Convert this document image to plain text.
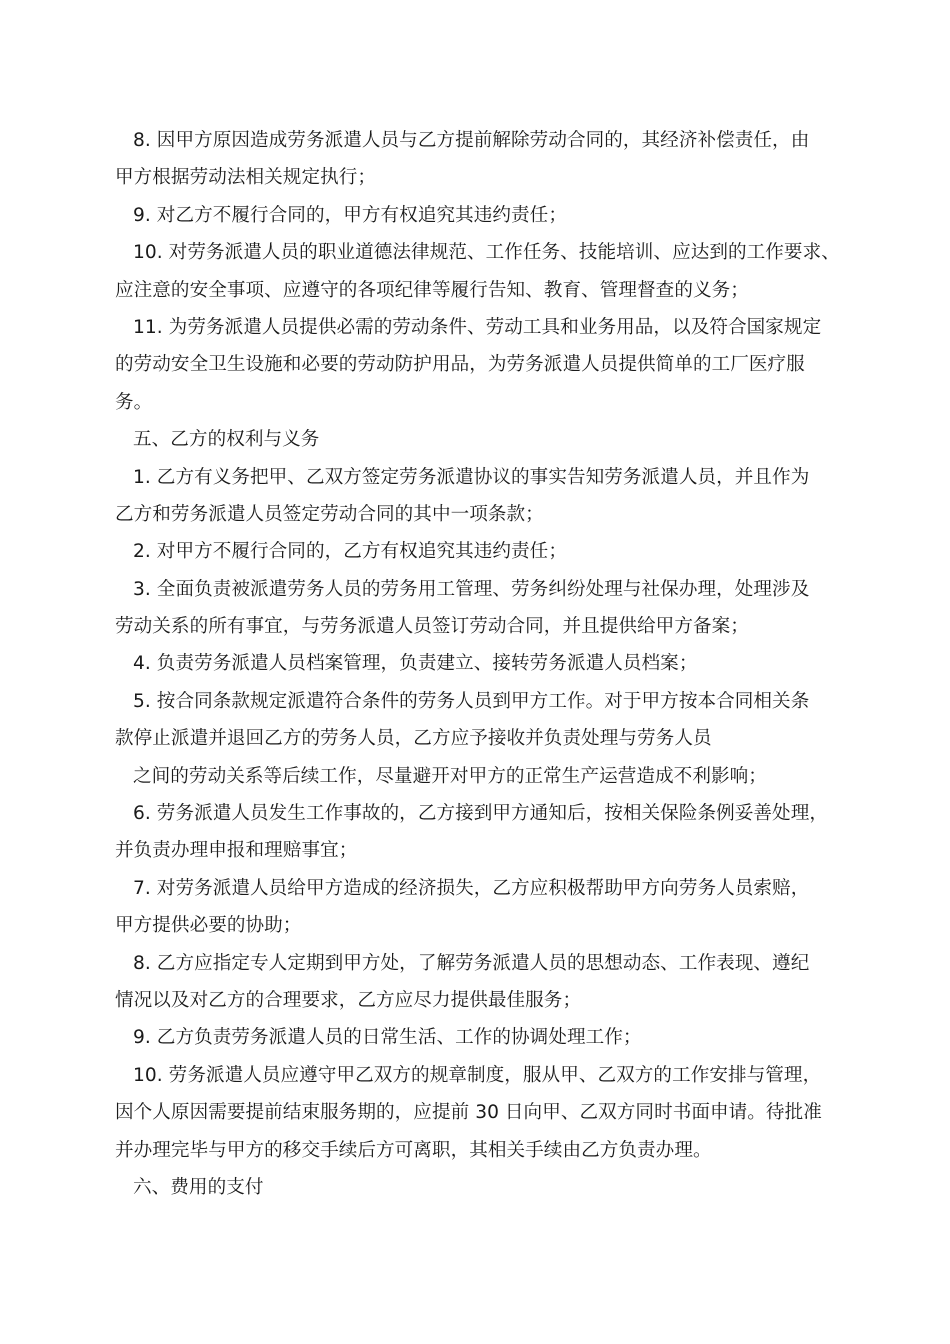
8. 因甲方原因造成劳务派遣人员与乙方提前解除劳动合同的，其经济补偿责任，由
甲方根据劳动法相关规定执行；
9. 对乙方不履行合同的，甲方有权追究其违约责任；
10. 对劳务派遣人员的职业道德法律规范、工作任务、技能培训、应达到的工作要求、
应注意的安全事项、应遵守的各项纪律等履行告知、教育、管理督查的义务；
11. 为劳务派遣人员提供必需的劳动条件、劳动工具和业务用品，以及符合国家规定
的劳动安全卫生设施和必要的劳动防护用品，为劳务派遣人员提供简单的工厂医疗服
务。
五、乙方的权利与义务
1. 乙方有义务把甲、乙双方签定劳务派遣协议的事实告知劳务派遣人员，并且作为
乙方和劳务派遣人员签定劳动合同的其中一项条款；
2. 对甲方不履行合同的，乙方有权追究其违约责任；
3. 全面负责被派遣劳务人员的劳务用工管理、劳务纠纷处理与社保办理，处理涉及
劳动关系的所有事宜，与劳务派遣人员签订劳动合同，并且提供给甲方备案；
4. 负责劳务派遣人员档案管理，负责建立、接转劳务派遣人员档案；
5. 按合同条款规定派遣符合条件的劳务人员到甲方工作。对于甲方按本合同相关条
款停止派遣并退回乙方的劳务人员，乙方应予接收并负责处理与劳务人员
之间的劳动关系等后续工作，尽量避开对甲方的正常生产运营造成不利影响；
6. 劳务派遣人员发生工作事故的，乙方接到甲方通知后，按相关保险条例妥善处理，
并负责办理申报和理赔事宜；
7. 对劳务派遣人员给甲方造成的经济损失，乙方应积极帮助甲方向劳务人员索赔，
甲方提供必要的协助；
8. 乙方应指定专人定期到甲方处，了解劳务派遣人员的思想动态、工作表现、遵纪
情况以及对乙方的合理要求，乙方应尽力提供最佳服务；
9. 乙方负责劳务派遣人员的日常生活、工作的协调处理工作；
10. 劳务派遣人员应遵守甲乙双方的规章制度，服从甲、乙双方的工作安排与管理，
因个人原因需要提前结束服务期的，应提前 30 日向甲、乙双方同时书面申请。待批准
并办理完毕与甲方的移交手续后方可离职，其相关手续由乙方负责办理。
六、费用的支付
